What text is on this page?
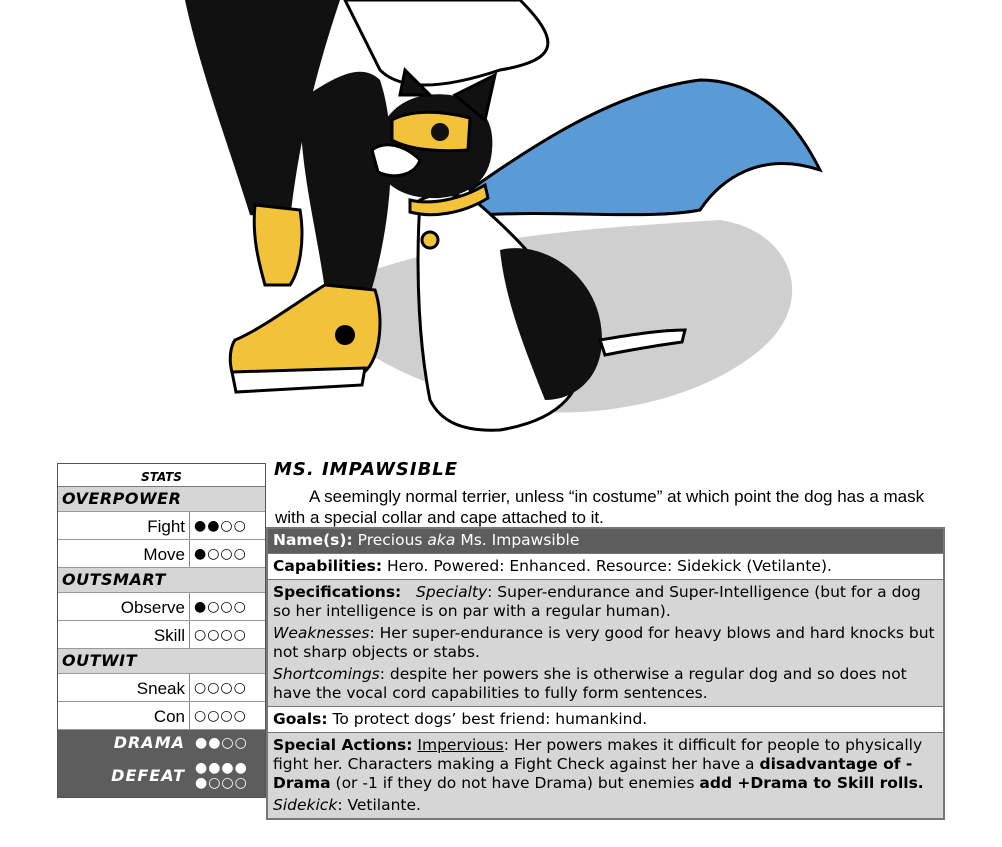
STATS
OVERPOWER
Fight ●●○○
Move ●○○○
OUTSMART
Observe ●○○○
Skill ○○○○
OUTWIT
Sneak ○○○○
Con ○○○○
DRAMA ●●○○
DEFEAT ●●●●
●○○○
MS. IMPAWSIBLE
A seemingly normal terrier, unless “in costume” at which point the dog has a mask with a special collar and cape attached to it.
Name(s): Precious aka Ms. Impawsible
Capabilities: Hero. Powered: Enhanced. Resource: Sidekick (Vetilante).
Specifications: Specialty: Super-endurance and Super-Intelligence (but for a dog so her intelligence is on par with a regular human).
Weaknesses: Her super-endurance is very good for heavy blows and hard knocks but not sharp objects or stabs.
Shortcomings: despite her powers she is otherwise a regular dog and so does not have the vocal cord capabilities to fully form sentences.
Goals: To protect dogs’ best friend: humankind.
Special Actions: Impervious: Her powers makes it difficult for people to physically fight her. Characters making a Fight Check against her have a disadvantage of -Drama (or -1 if they do not have Drama) but enemies add +Drama to Skill rolls.
Sidekick: Vetilante.
